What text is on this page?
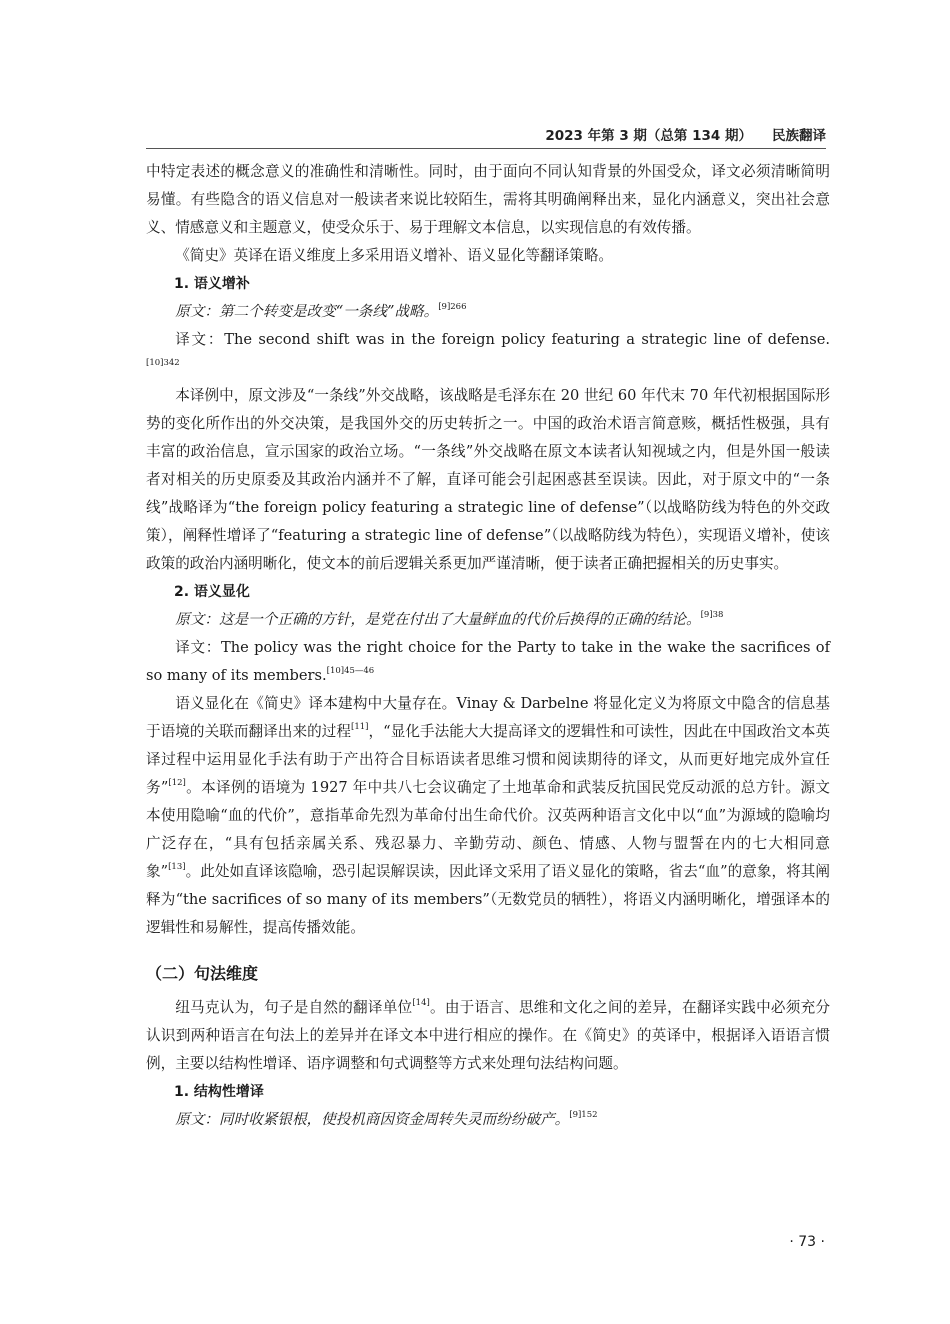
2023 年第 3 期（总第 134 期） 民族翻译

中特定表述的概念意义的准确性和清晰性。同时，由于面向不同认知背景的外国受众，译文必须清晰简明易懂。有些隐含的语义信息对一般读者来说比较陌生，需将其明确阐释出来，显化内涵意义，突出社会意义、情感意义和主题意义，使受众乐于、易于理解文本信息，以实现信息的有效传播。

《简史》英译在语义维度上多采用语义增补、语义显化等翻译策略。

1. 语义增补

原文：第二个转变是改变“一条线”战略。$^{[9]266}$

译文：The second shift was in the foreign policy featuring a strategic line of defense.$^{[10]342}$

本译例中，原文涉及“一条线”外交战略，该战略是毛泽东在 20 世纪 60 年代末 70 年代初根据国际形势的变化所作出的外交决策，是我国外交的历史转折之一。中国的政治术语言简意赅，概括性极强，具有丰富的政治信息，宣示国家的政治立场。“一条线”外交战略在原文本读者认知视域之内，但是外国一般读者对相关的历史原委及其政治内涵并不了解，直译可能会引起困惑甚至误读。因此，对于原文中的“一条线”战略译为“the foreign policy featuring a strategic line of defense”（以战略防线为特色的外交政策），阐释性增译了“featuring a strategic line of defense”（以战略防线为特色），实现语义增补，使该政策的政治内涵明晰化，使文本的前后逻辑关系更加严谨清晰，便于读者正确把握相关的历史事实。

2. 语义显化

原文：这是一个正确的方针，是党在付出了大量鲜血的代价后换得的正确的结论。$^{[9]38}$

译文：The policy was the right choice for the Party to take in the wake the sacrifices of so many of its members.$^{[10]45—46}$

语义显化在《简史》译本建构中大量存在。Vinay & Darbelne 将显化定义为将原文中隐含的信息基于语境的关联而翻译出来的过程[11]，“显化手法能大大提高译文的逻辑性和可读性，因此在中国政治文本英译过程中运用显化手法有助于产出符合目标语读者思维习惯和阅读期待的译文，从而更好地完成外宣任务”[12]。本译例的语境为 1927 年中共八七会议确定了土地革命和武装反抗国民党反动派的总方针。源文本使用隐喻“血的代价”，意指革命先烈为革命付出生命代价。汉英两种语言文化中以“血”为源域的隐喻均广泛存在，“具有包括亲属关系、残忍暴力、辛勤劳动、颜色、情感、人物与盟誓在内的七大相同意象”[13]。此处如直译该隐喻，恐引起误解误读，因此译文采用了语义显化的策略，省去“血”的意象，将其阐释为“the sacrifices of so many of its members”（无数党员的牺牲），将语义内涵明晰化，增强译本的逻辑性和易解性，提高传播效能。

（二）句法维度

纽马克认为，句子是自然的翻译单位[14]。由于语言、思维和文化之间的差异，在翻译实践中必须充分认识到两种语言在句法上的差异并在译文本中进行相应的操作。在《简史》的英译中，根据译入语语言惯例，主要以结构性增译、语序调整和句式调整等方式来处理句法结构问题。

1. 结构性增译

原文：同时收紧银根，使投机商因资金周转失灵而纷纷破产。$^{[9]152}$

· 73 ·
